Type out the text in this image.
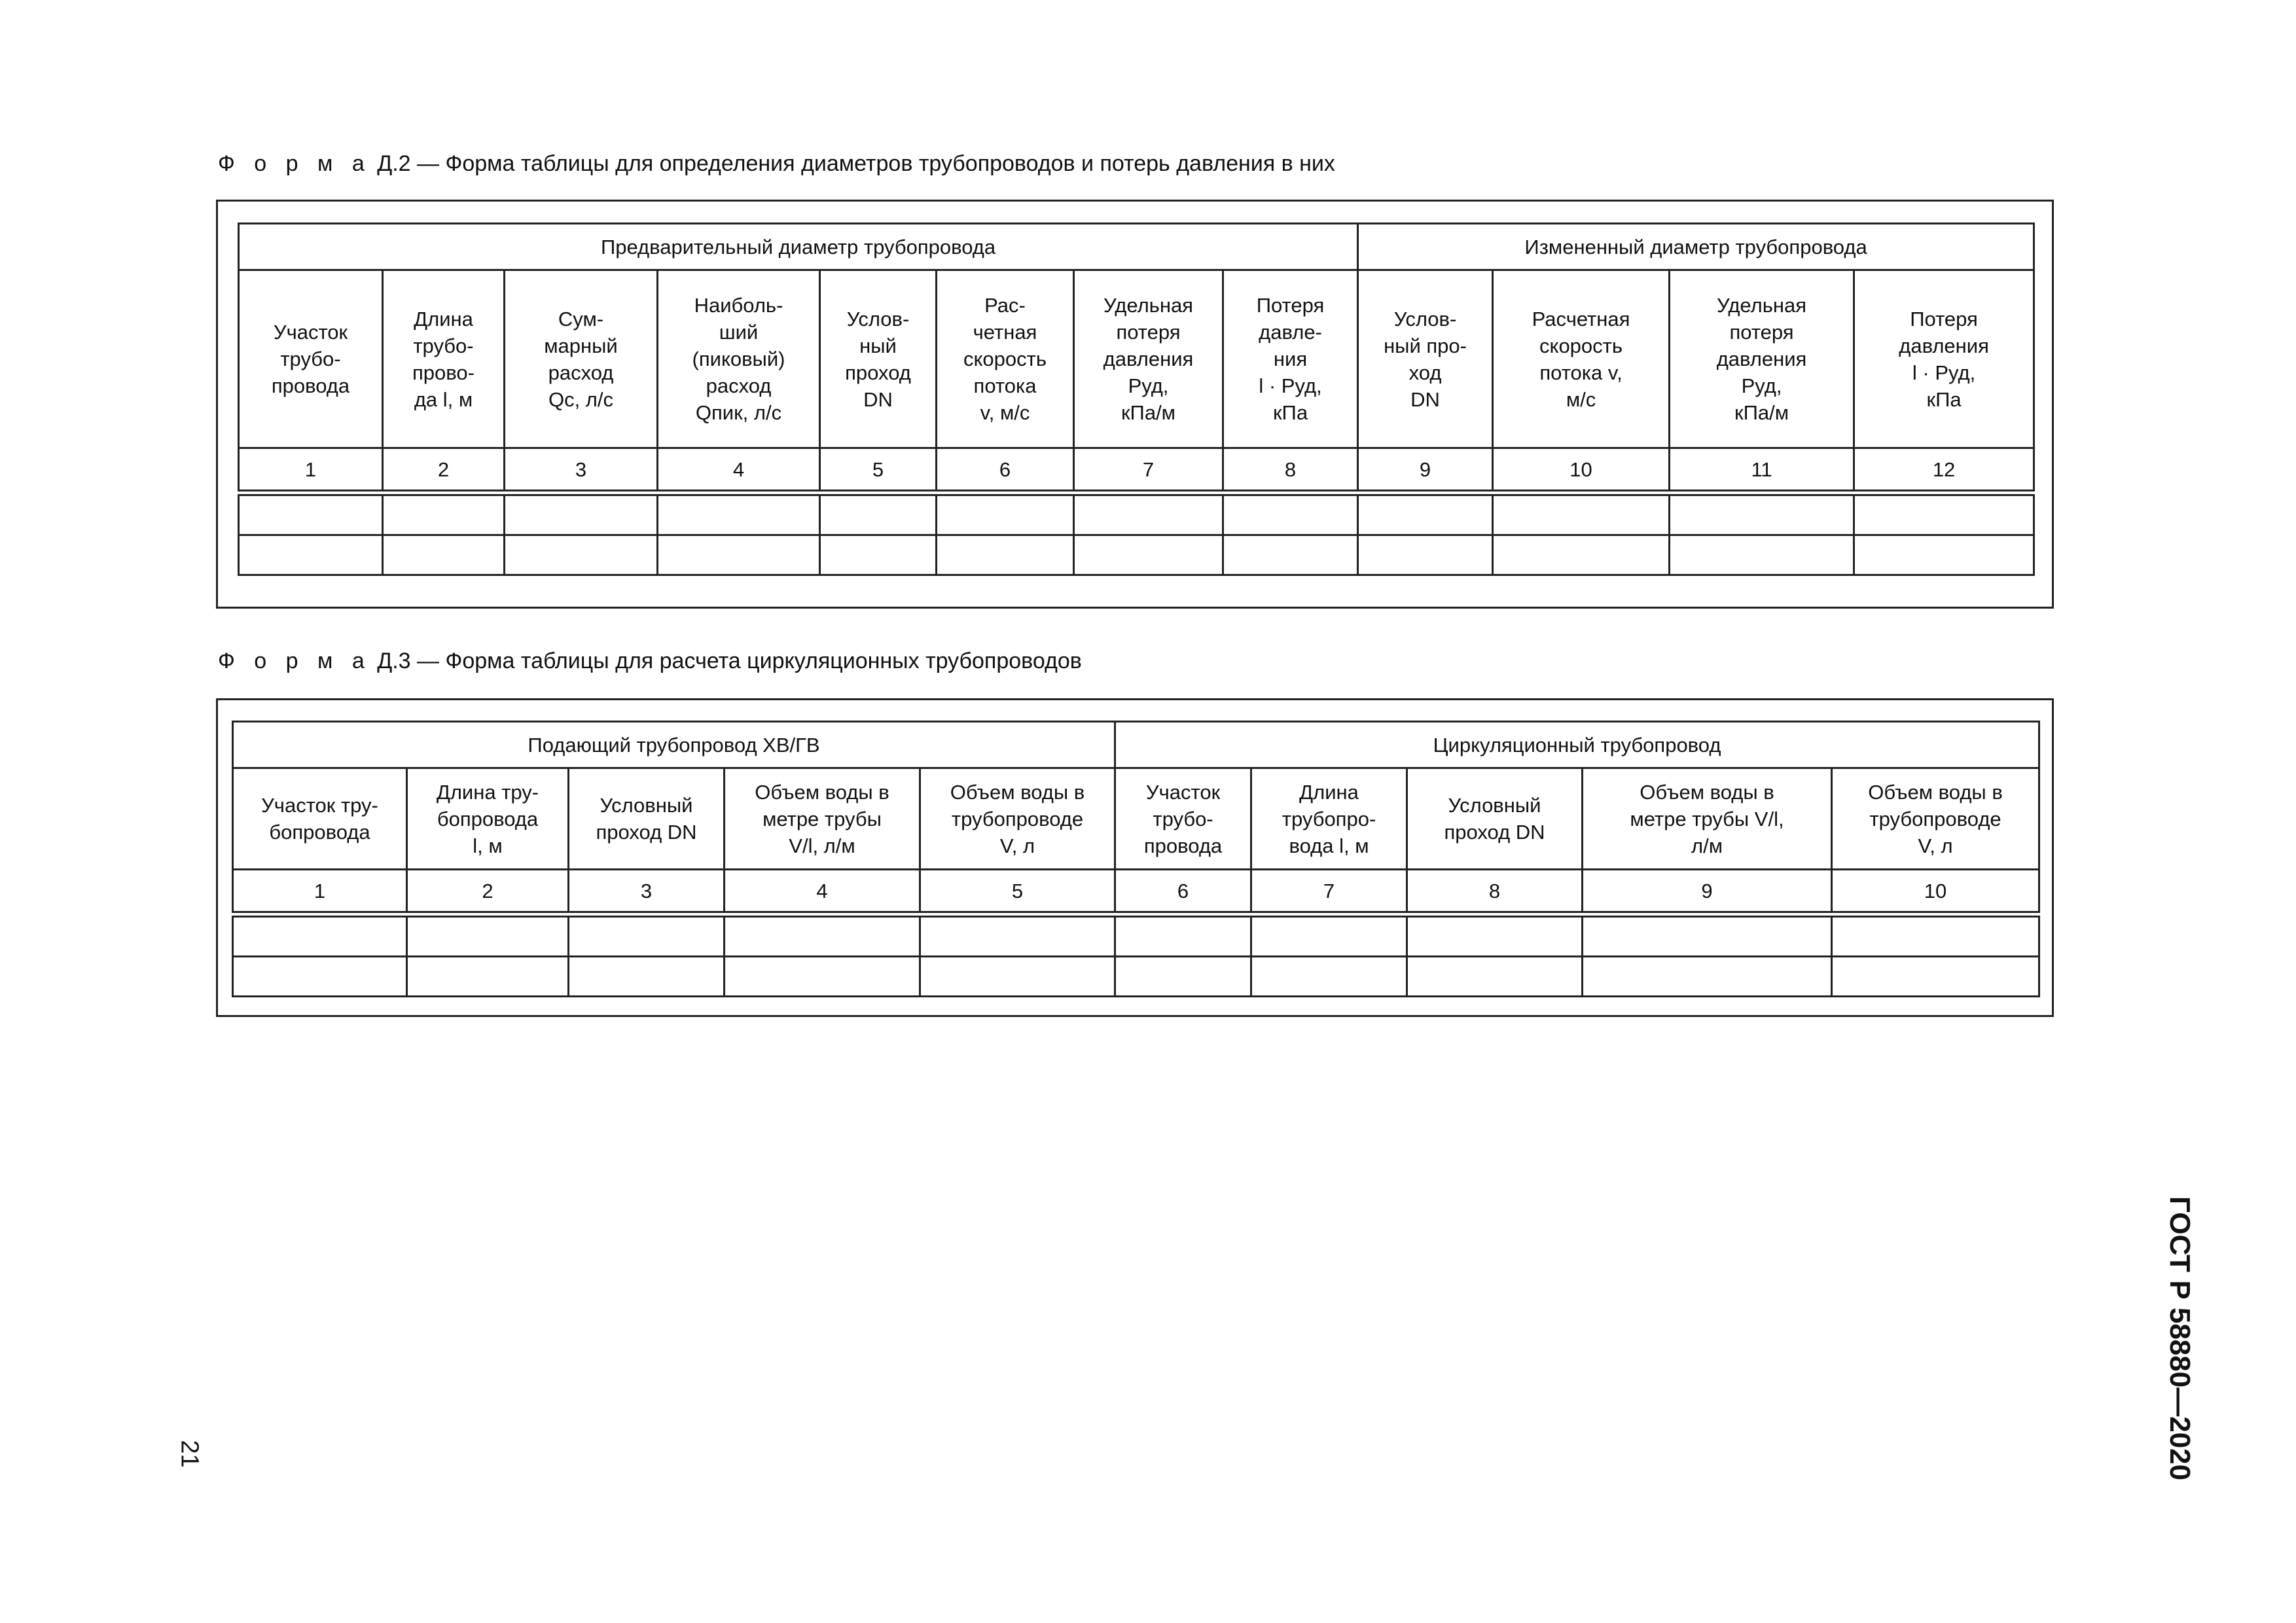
Ф о р м а Д.2 — Форма таблицы для определения диаметров трубопроводов и потерь давления в них
Предварительный диаметр трубопровода								Измененный диаметр трубопровода			
Участок
трубо-
провода	Длина
трубо-
прово-
да l, м	Сум-
марный
расход
Qс, л/с	Наиболь-
ший
(пиковый)
расход
Qпик, л/с	Услов-
ный
проход
DN	Рас-
четная
скорость
потока
v, м/с	Удельная
потеря
давления
Pуд,
кПа/м	Потеря
давле-
ния
l · Pуд,
кПа	Услов-
ный про-
ход
DN	Расчетная
скорость
потока v,
м/с	Удельная
потеря
давления
Pуд,
кПа/м	Потеря
давления
l · Pуд,
кПа
1	2	3	4	5	6	7	8	9	10	11	12

Ф о р м а Д.3 — Форма таблицы для расчета циркуляционных трубопроводов
Подающий трубопровод ХВ/ГВ					Циркуляционный трубопровод				
Участок тру-
бопровода	Длина тру-
бопровода
l, м	Условный
проход DN	Объем воды в
метре трубы
V/l, л/м	Объем воды в
трубопроводе
V, л	Участок
трубо-
провода	Длина
трубопро-
вода l, м	Условный
проход DN	Объем воды в
метре трубы V/l,
л/м	Объем воды в
трубопроводе
V, л
1	2	3	4	5	6	7	8	9	10

21	ГОСТ Р 58880—2020
